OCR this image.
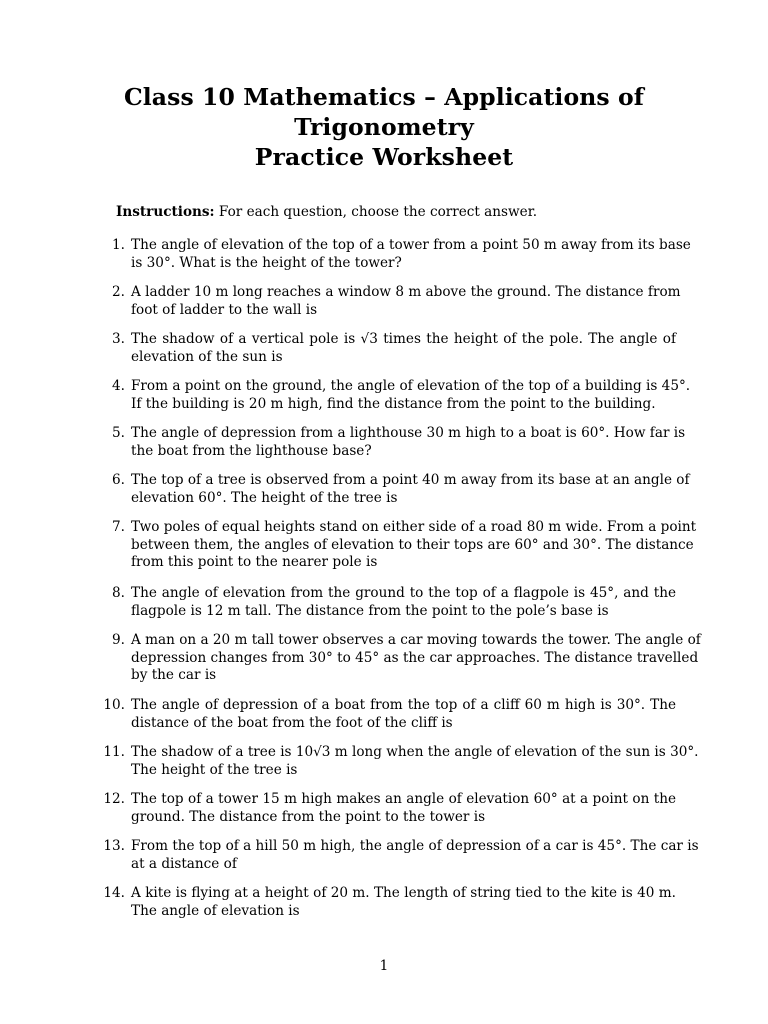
Class 10 Mathematics – Applications of
Trigonometry
Practice Worksheet
Instructions: For each question, choose the correct answer.
1. The angle of elevation of the top of a tower from a point 50 m away from its base
is 30°. What is the height of the tower?
2. A ladder 10 m long reaches a window 8 m above the ground. The distance from
foot of ladder to the wall is
3. The shadow of a vertical pole is √3 times the height of the pole. The angle of
elevation of the sun is
4. From a point on the ground, the angle of elevation of the top of a building is 45°.
If the building is 20 m high, find the distance from the point to the building.
5. The angle of depression from a lighthouse 30 m high to a boat is 60°. How far is
the boat from the lighthouse base?
6. The top of a tree is observed from a point 40 m away from its base at an angle of
elevation 60°. The height of the tree is
7. Two poles of equal heights stand on either side of a road 80 m wide. From a point
between them, the angles of elevation to their tops are 60° and 30°. The distance
from this point to the nearer pole is
8. The angle of elevation from the ground to the top of a flagpole is 45°, and the
flagpole is 12 m tall. The distance from the point to the pole’s base is
9. A man on a 20 m tall tower observes a car moving towards the tower. The angle of
depression changes from 30° to 45° as the car approaches. The distance travelled
by the car is
10. The angle of depression of a boat from the top of a cliff 60 m high is 30°. The
distance of the boat from the foot of the cliff is
11. The shadow of a tree is 10√3 m long when the angle of elevation of the sun is 30°.
The height of the tree is
12. The top of a tower 15 m high makes an angle of elevation 60° at a point on the
ground. The distance from the point to the tower is
13. From the top of a hill 50 m high, the angle of depression of a car is 45°. The car is
at a distance of
14. A kite is flying at a height of 20 m. The length of string tied to the kite is 40 m.
The angle of elevation is
1
